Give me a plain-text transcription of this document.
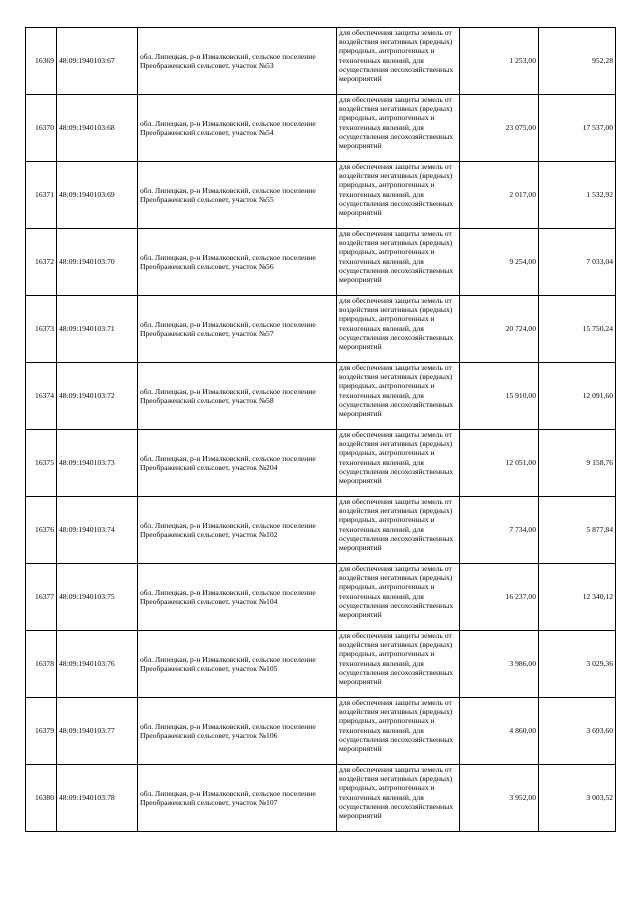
16369	48:09:1940103:67	обл. Липецкая, р-н Измалковский, сельское поселение Преображенский сельсовет, участок №53	для обеспечения защиты земель от воздействия негативных (вредных) природных, антропогенных и техногенных явлений, для осуществления лесохозяйственных мероприятий	1 253,00	952,28
16370	48:09:1940103:68	обл. Липецкая, р-н Измалковский, сельское поселение Преображенский сельсовет, участок №54	для обеспечения защиты земель от воздействия негативных (вредных) природных, антропогенных и техногенных явлений, для осуществления лесохозяйственных мероприятий	23 075,00	17 537,00
16371	48:09:1940103:69	обл. Липецкая, р-н Измалковский, сельское поселение Преображенский сельсовет, участок №55	для обеспечения защиты земель от воздействия негативных (вредных) природных, антропогенных и техногенных явлений, для осуществления лесохозяйственных мероприятий	2 017,00	1 532,92
16372	48:09:1940103:70	обл. Липецкая, р-н Измалковский, сельское поселение Преображенский сельсовет, участок №56	для обеспечения защиты земель от воздействия негативных (вредных) природных, антропогенных и техногенных явлений, для осуществления лесохозяйственных мероприятий	9 254,00	7 033,04
16373	48:09:1940103:71	обл. Липецкая, р-н Измалковский, сельское поселение Преображенский сельсовет, участок №57	для обеспечения защиты земель от воздействия негативных (вредных) природных, антропогенных и техногенных явлений, для осуществления лесохозяйственных мероприятий	20 724,00	15 750,24
16374	48:09:1940103:72	обл. Липецкая, р-н Измалковский, сельское поселение Преображенский сельсовет, участок №58	для обеспечения защиты земель от воздействия негативных (вредных) природных, антропогенных и техногенных явлений, для осуществления лесохозяйственных мероприятий	15 910,00	12 091,60
16375	48:09:1940103:73	обл. Липецкая, р-н Измалковский, сельское поселение Преображенский сельсовет, участок №204	для обеспечения защиты земель от воздействия негативных (вредных) природных, антропогенных и техногенных явлений, для осуществления лесохозяйственных мероприятий	12 051,00	9 158,76
16376	48:09:1940103:74	обл. Липецкая, р-н Измалковский, сельское поселение Преображенский сельсовет, участок №102	для обеспечения защиты земель от воздействия негативных (вредных) природных, антропогенных и техногенных явлений, для осуществления лесохозяйственных мероприятий	7 734,00	5 877,84
16377	48:09:1940103:75	обл. Липецкая, р-н Измалковский, сельское поселение Преображенский сельсовет, участок №104	для обеспечения защиты земель от воздействия негативных (вредных) природных, антропогенных и техногенных явлений, для осуществления лесохозяйственных мероприятий	16 237,00	12 340,12
16378	48:09:1940103:76	обл. Липецкая, р-н Измалковский, сельское поселение Преображенский сельсовет, участок №105	для обеспечения защиты земель от воздействия негативных (вредных) природных, антропогенных и техногенных явлений, для осуществления лесохозяйственных мероприятий	3 986,00	3 029,36
16379	48:09:1940103:77	обл. Липецкая, р-н Измалковский, сельское поселение Преображенский сельсовет, участок №106	для обеспечения защиты земель от воздействия негативных (вредных) природных, антропогенных и техногенных явлений, для осуществления лесохозяйственных мероприятий	4 860,00	3 693,60
16380	48:09:1940103:78	обл. Липецкая, р-н Измалковский, сельское поселение Преображенский сельсовет, участок №107	для обеспечения защиты земель от воздействия негативных (вредных) природных, антропогенных и техногенных явлений, для осуществления лесохозяйственных мероприятий	3 952,00	3 003,52
